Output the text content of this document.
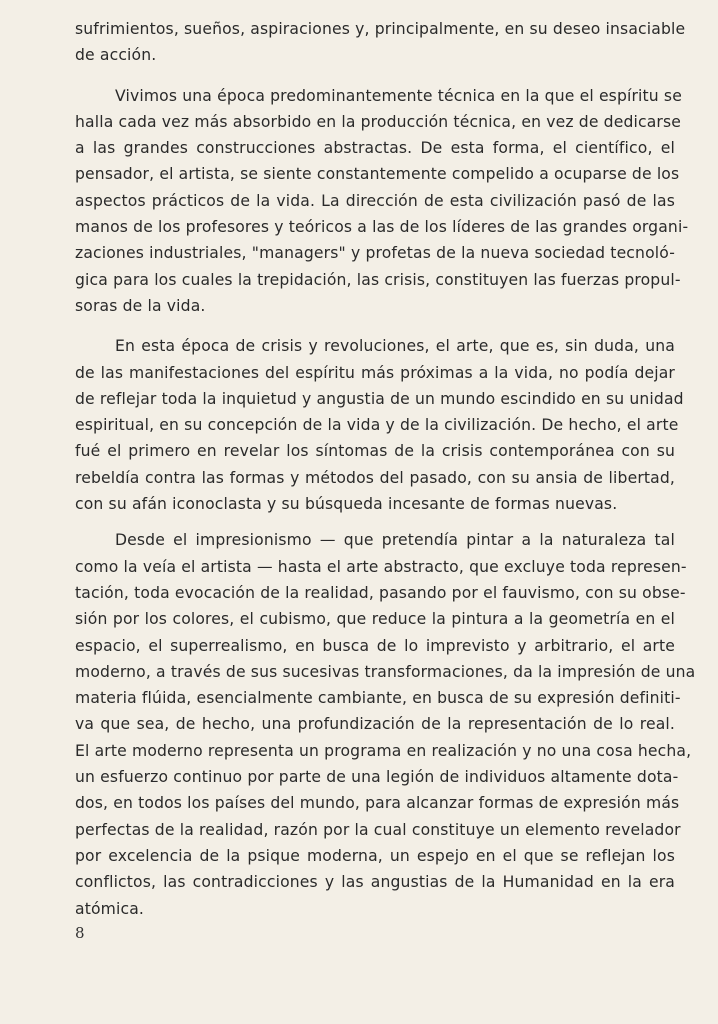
sufrimientos, sueños, aspiraciones y, principalmente, en su deseo insaciable
de acción.
Vivimos una época predominantemente técnica en la que el espíritu se
halla cada vez más absorbido en la producción técnica, en vez de dedicarse
a las grandes construcciones abstractas. De esta forma, el científico, el
pensador, el artista, se siente constantemente compelido a ocuparse de los
aspectos prácticos de la vida. La dirección de esta civilización pasó de las
manos de los profesores y teóricos a las de los líderes de las grandes organi-
zaciones industriales, "managers" y profetas de la nueva sociedad tecnoló-
gica para los cuales la trepidación, las crisis, constituyen las fuerzas propul-
soras de la vida.
En esta época de crisis y revoluciones, el arte, que es, sin duda, una
de las manifestaciones del espíritu más próximas a la vida, no podía dejar
de reflejar toda la inquietud y angustia de un mundo escindido en su unidad
espiritual, en su concepción de la vida y de la civilización. De hecho, el arte
fué el primero en revelar los síntomas de la crisis contemporánea con su
rebeldía contra las formas y métodos del pasado, con su ansia de libertad,
con su afán iconoclasta y su búsqueda incesante de formas nuevas.
Desde el impresionismo — que pretendía pintar a la naturaleza tal
como la veía el artista — hasta el arte abstracto, que excluye toda represen-
tación, toda evocación de la realidad, pasando por el fauvismo, con su obse-
sión por los colores, el cubismo, que reduce la pintura a la geometría en el
espacio, el superrealismo, en busca de lo imprevisto y arbitrario, el arte
moderno, a través de sus sucesivas transformaciones, da la impresión de una
materia flúida, esencialmente cambiante, en busca de su expresión definiti-
va que sea, de hecho, una profundización de la representación de lo real.
El arte moderno representa un programa en realización y no una cosa hecha,
un esfuerzo continuo por parte de una legión de individuos altamente dota-
dos, en todos los países del mundo, para alcanzar formas de expresión más
perfectas de la realidad, razón por la cual constituye un elemento revelador
por excelencia de la psique moderna, un espejo en el que se reflejan los
conflictos, las contradicciones y las angustias de la Humanidad en la era
atómica.
8
